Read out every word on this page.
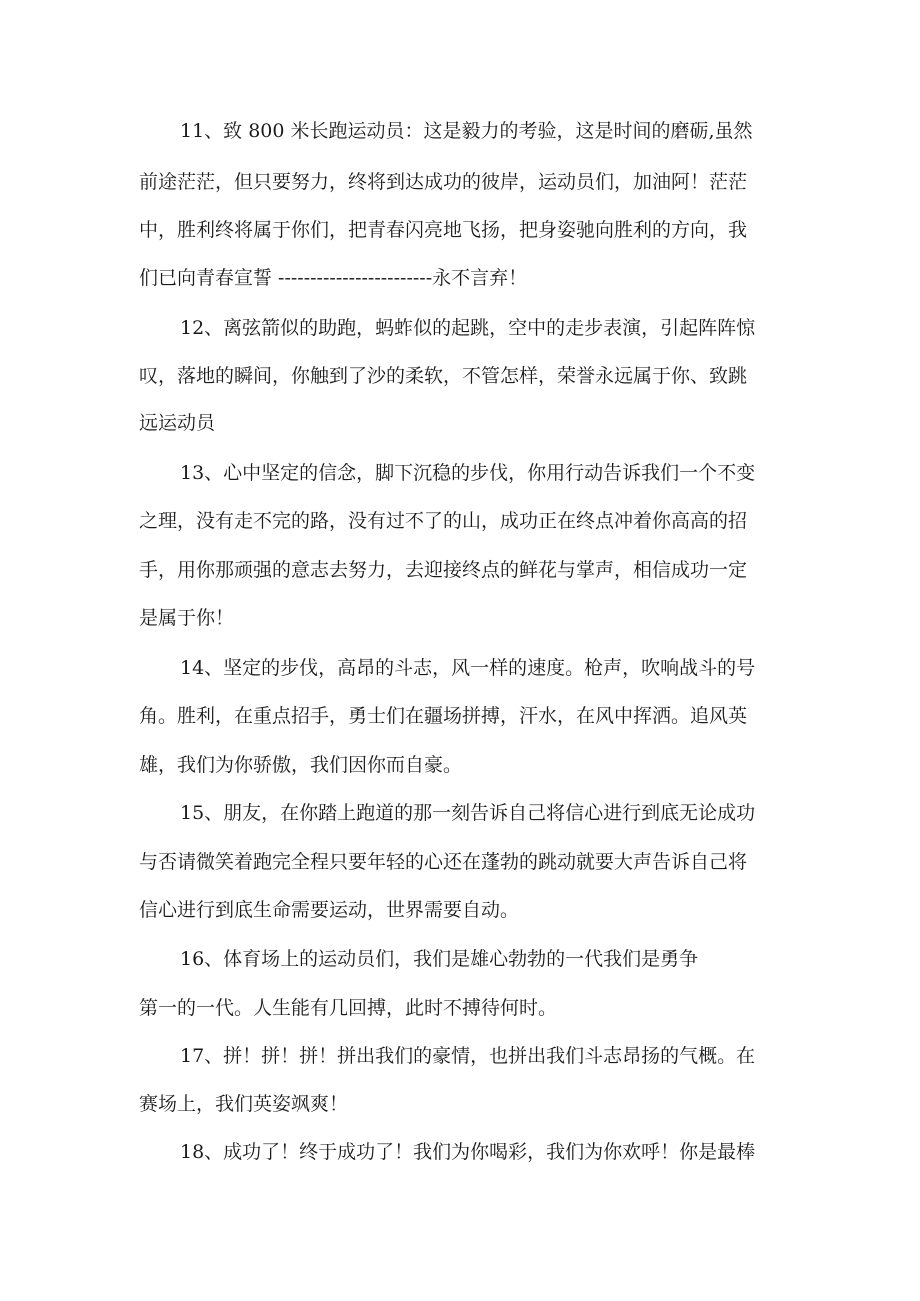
11、致 800 米长跑运动员：这是毅力的考验，这是时间的磨砺,虽然
前途茫茫，但只要努力，终将到达成功的彼岸，运动员们，加油阿！茫茫
中，胜利终将属于你们，把青春闪亮地飞扬，把身姿驰向胜利的方向，我
们已向青春宣誓 ------------------------永不言弃！
12、离弦箭似的助跑，蚂蚱似的起跳，空中的走步表演，引起阵阵惊
叹，落地的瞬间，你触到了沙的柔软，不管怎样，荣誉永远属于你、致跳
远运动员
13、心中坚定的信念，脚下沉稳的步伐，你用行动告诉我们一个不变
之理，没有走不完的路，没有过不了的山，成功正在终点冲着你高高的招
手，用你那顽强的意志去努力，去迎接终点的鲜花与掌声，相信成功一定
是属于你！
14、坚定的步伐，高昂的斗志，风一样的速度。枪声，吹响战斗的号
角。胜利，在重点招手，勇士们在疆场拼搏，汗水，在风中挥洒。追风英
雄，我们为你骄傲，我们因你而自豪。
15、朋友，在你踏上跑道的那一刻告诉自己将信心进行到底无论成功
与否请微笑着跑完全程只要年轻的心还在蓬勃的跳动就要大声告诉自己将
信心进行到底生命需要运动，世界需要自动。
16、体育场上的运动员们，我们是雄心勃勃的一代我们是勇争
第一的一代。人生能有几回搏，此时不搏待何时。
17、拼！拼！拼！拼出我们的豪情，也拼出我们斗志昂扬的气概。在
赛场上，我们英姿飒爽！
18、成功了！终于成功了！我们为你喝彩，我们为你欢呼！你是最棒
